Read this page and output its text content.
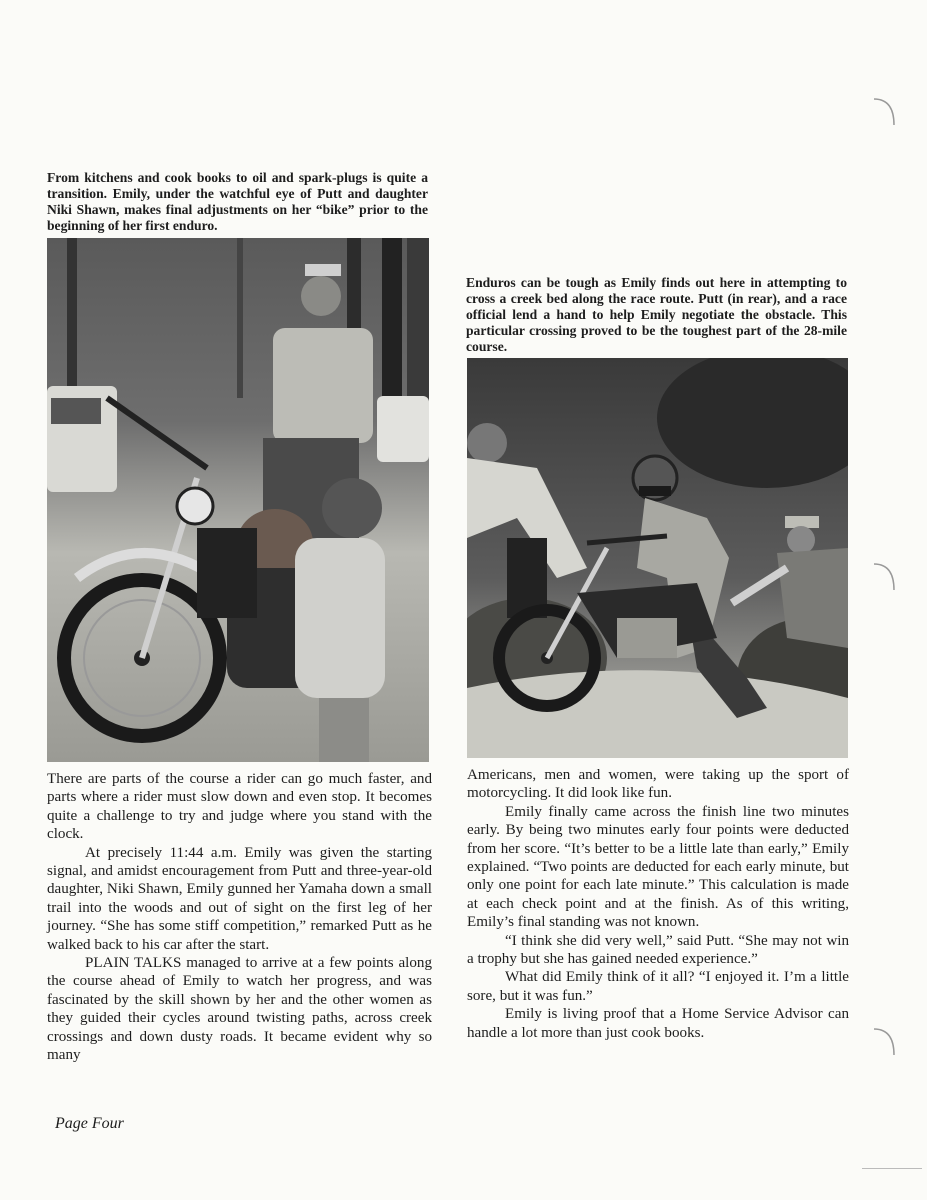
From kitchens and cook books to oil and spark-plugs is quite a transition. Emily, under the watchful eye of Putt and daughter Niki Shawn, makes final adjustments on her “bike” prior to the beginning of her first enduro.

Enduros can be tough as Emily finds out here in attempting to cross a creek bed along the race route. Putt (in rear), and a race official lend a hand to help Emily negotiate the obstacle. This particular crossing proved to be the toughest part of the 28-mile course.

There are parts of the course a rider can go much faster, and parts where a rider must slow down and even stop. It becomes quite a challenge to try and judge where you stand with the clock.

At precisely 11:44 a.m. Emily was given the starting signal, and amidst encouragement from Putt and three-year-old daughter, Niki Shawn, Emily gunned her Yamaha down a small trail into the woods and out of sight on the first leg of her journey. “She has some stiff competition,” remarked Putt as he walked back to his car after the start.

PLAIN TALKS managed to arrive at a few points along the course ahead of Emily to watch her progress, and was fascinated by the skill shown by her and the other women as they guided their cycles around twisting paths, across creek crossings and down dusty roads. It became evident why so many

Americans, men and women, were taking up the sport of motorcycling. It did look like fun.

Emily finally came across the finish line two minutes early. By being two minutes early four points were deducted from her score. “It’s better to be a little late than early,” Emily explained. “Two points are deducted for each early minute, but only one point for each late minute.” This calculation is made at each check point and at the finish. As of this writing, Emily’s final standing was not known.

“I think she did very well,” said Putt. “She may not win a trophy but she has gained needed experience.”

What did Emily think of it all? “I enjoyed it. I’m a little sore, but it was fun.”

Emily is living proof that a Home Service Advisor can handle a lot more than just cook books.

Page Four
